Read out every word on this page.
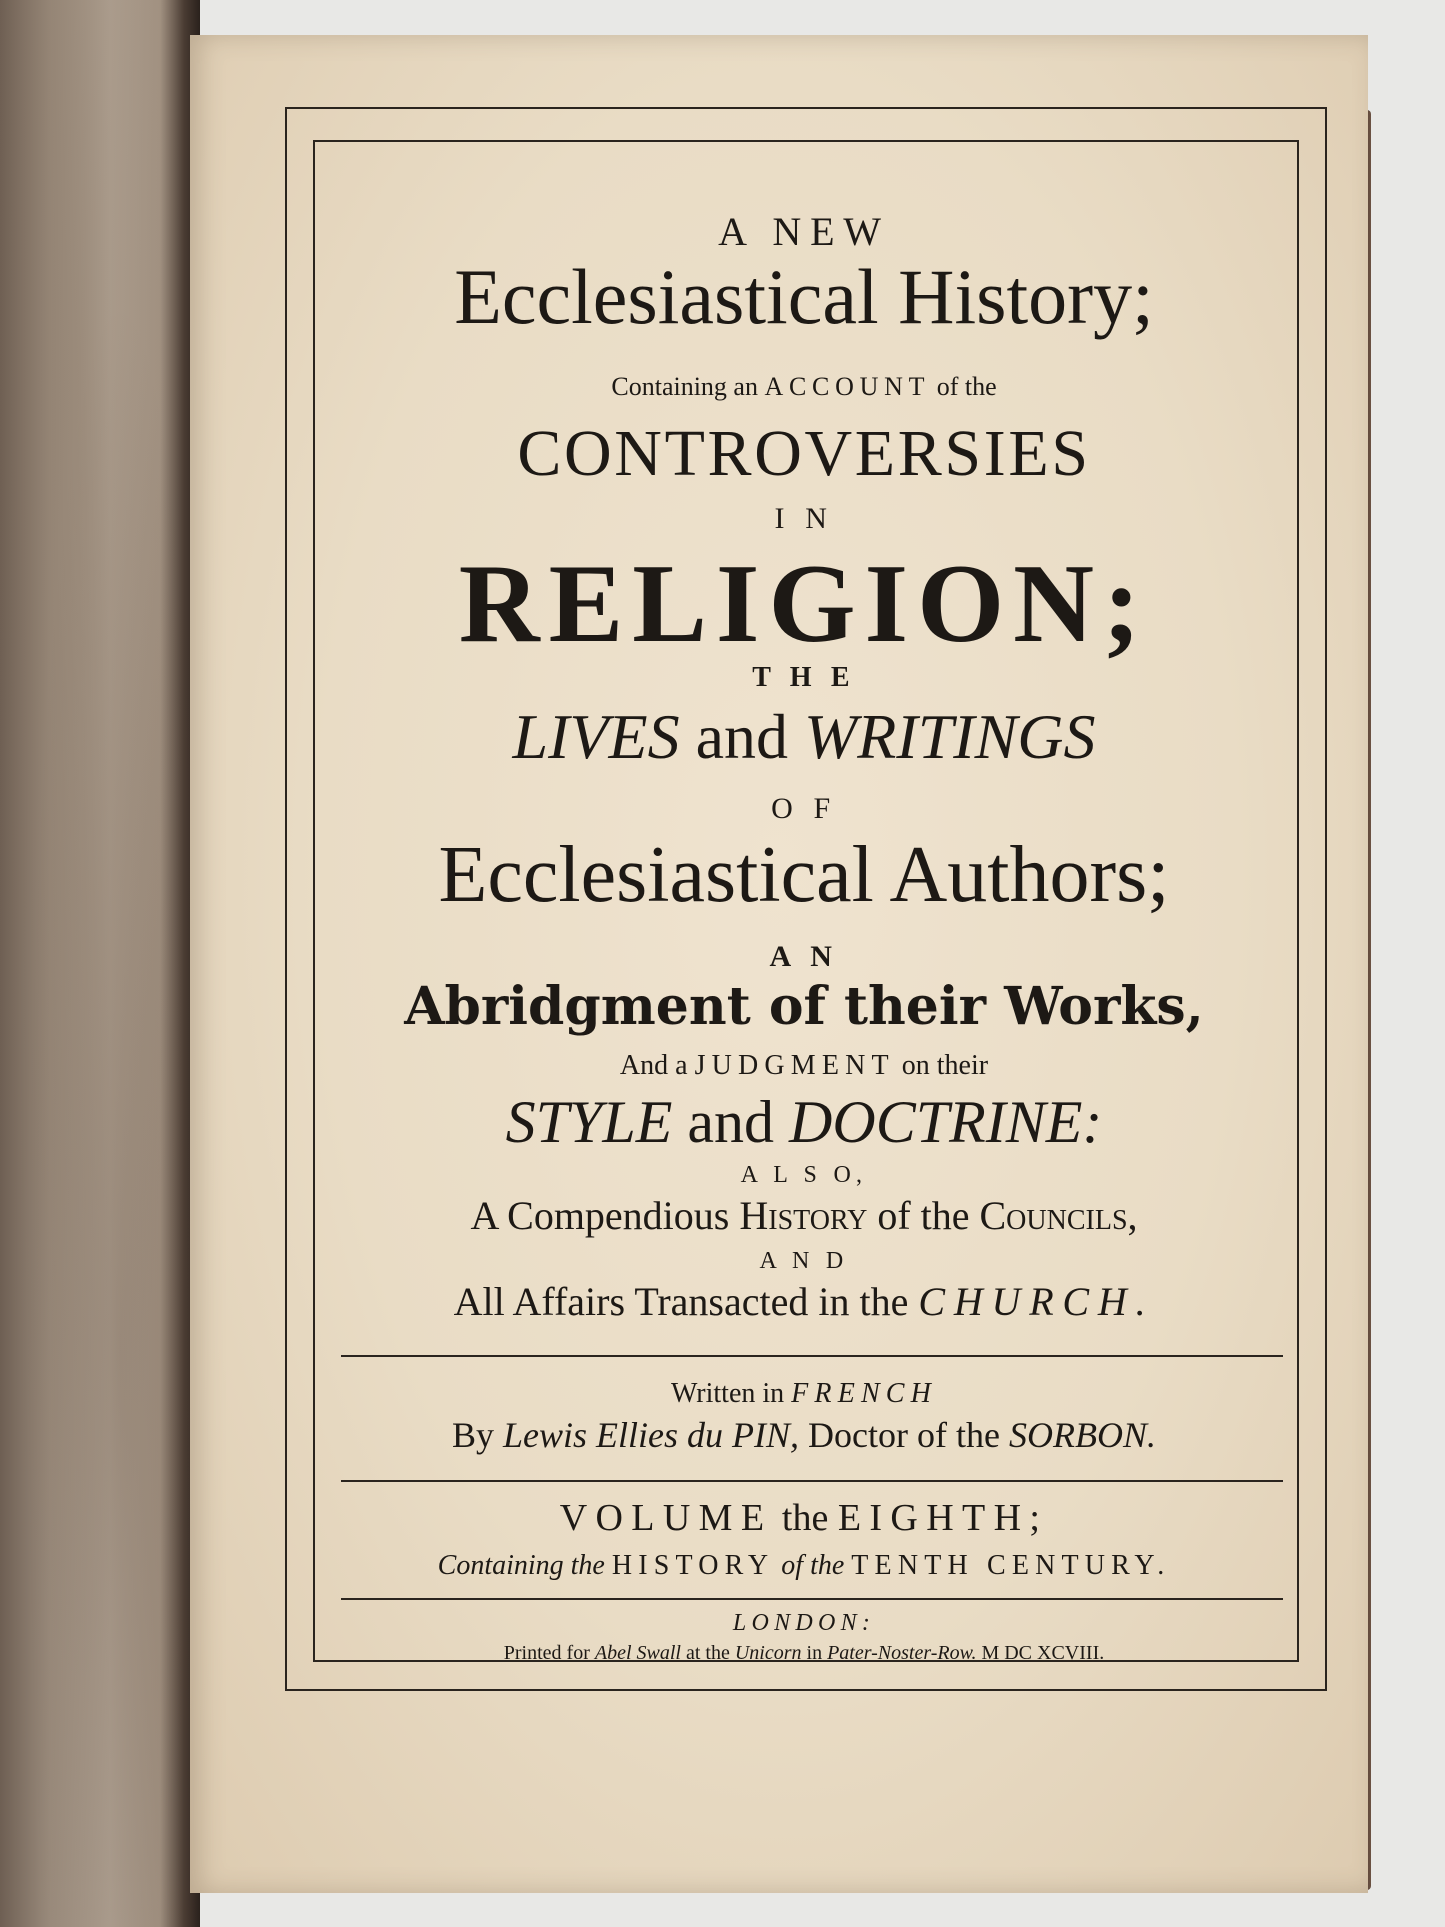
A NEW
Ecclesiastical History;
Containing an ACCOUNT of the
CONTROVERSIES
I N
RELIGION;
T H E
LIVES and WRITINGS
O F
Ecclesiastical Authors;
A N
Abridgment of their Works,
And a JUDGMENT on their
STYLE and DOCTRINE:
A L S O,
A Compendious History of the Councils,
A N D
All Affairs Transacted in the CHURCH.
Written in FRENCH
By Lewis Ellies du PIN, Doctor of the SORBON.
VOLUME the EIGHTH;
Containing the HISTORY of the TENTH CENTURY.
LONDON:
Printed for Abel Swall at the Unicorn in Pater-Noster-Row. M DC XCVIII.
